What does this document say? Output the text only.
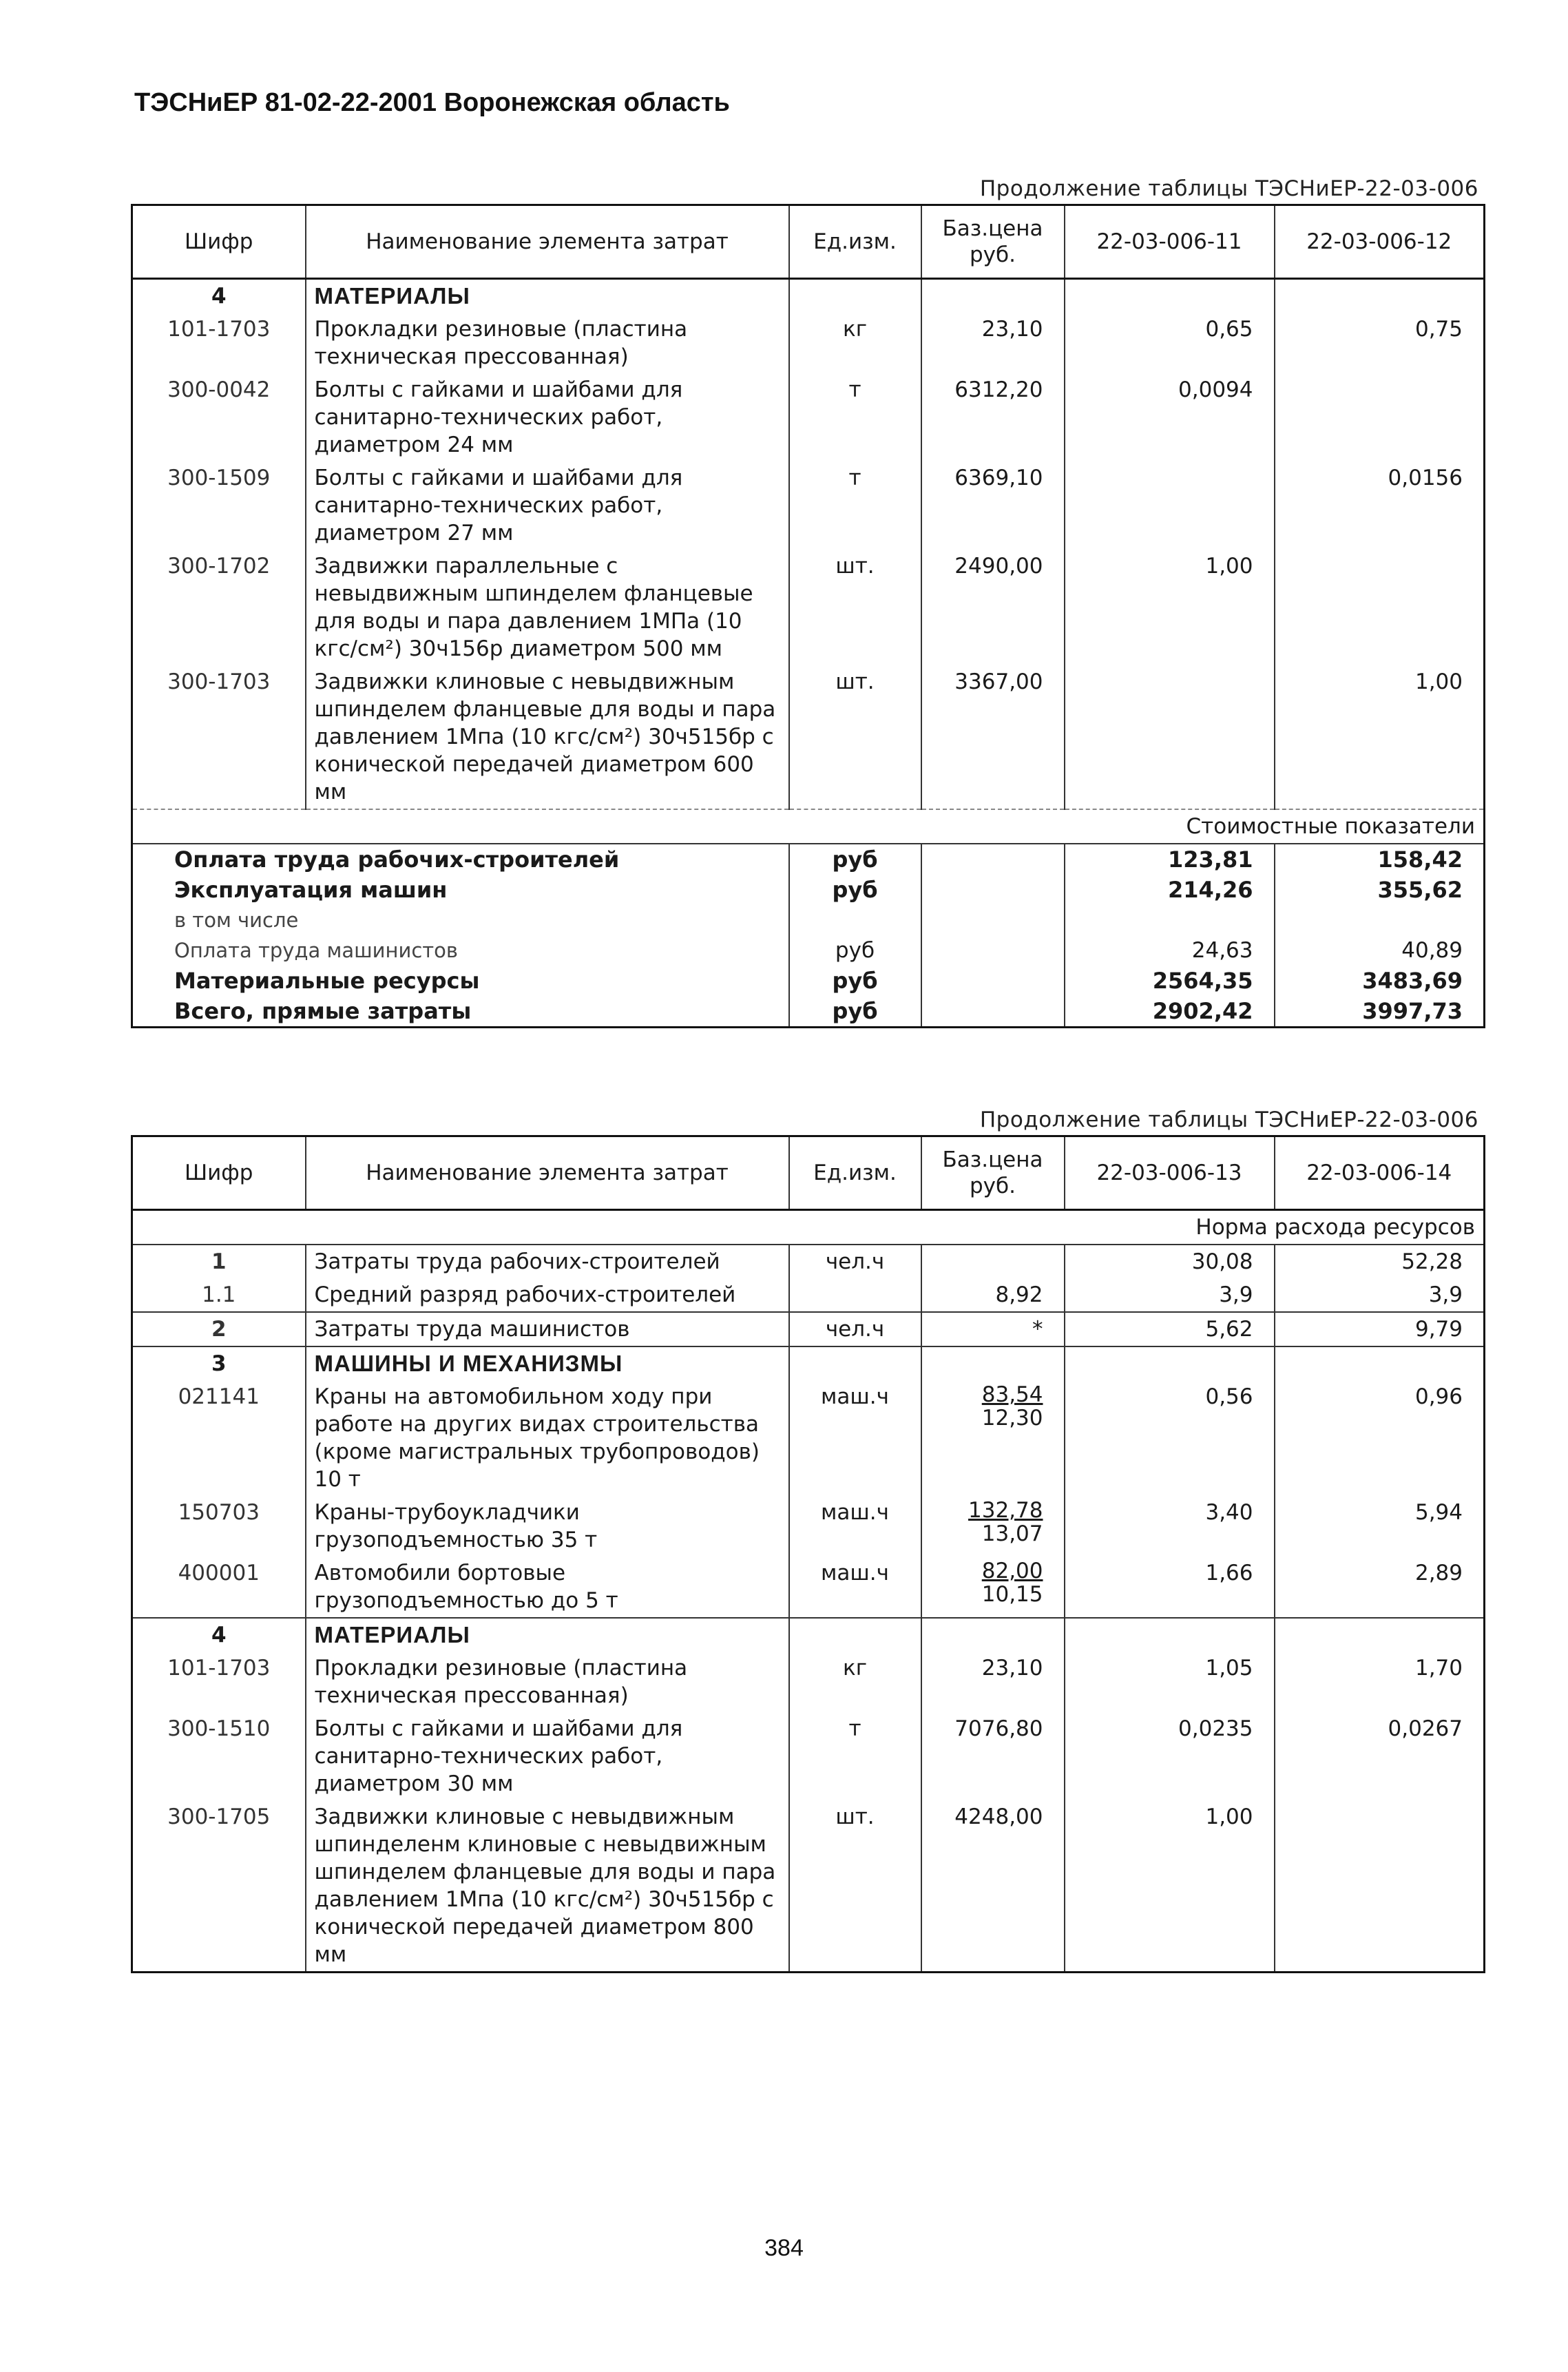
ТЭСНиЕР 81-02-22-2001 Воронежская область
Продолжение таблицы ТЭСНиЕР-22-03-006
Шифр	Наименование элемента затрат	Ед.изм.	Баз.цена руб.	22-03-006-11	22-03-006-12
4	МАТЕРИАЛЫ				
101-1703	Прокладки резиновые (пластина техническая прессованная)	кг	23,10	0,65	0,75
300-0042	Болты с гайками и шайбами для санитарно-технических работ, диаметром 24 мм	т	6312,20	0,0094	
300-1509	Болты с гайками и шайбами для санитарно-технических работ, диаметром 27 мм	т	6369,10		0,0156
300-1702	Задвижки параллельные с невыдвижным шпинделем фланцевые для воды и пара давлением 1МПа (10 кгс/см²) 30ч156р диаметром 500 мм	шт.	2490,00	1,00	
300-1703	Задвижки клиновые с невыдвижным шпинделем фланцевые для воды и пара давлением 1Мпа (10 кгс/см²) 30ч515бр с конической передачей диаметром 600 мм	шт.	3367,00		1,00
Стоимостные показатели					
Оплата труда рабочих-строителей		руб		123,81	158,42
Эксплуатация машин		руб		214,26	355,62
в том числе					
Оплата труда машинистов		руб		24,63	40,89
Материальные ресурсы		руб		2564,35	3483,69
Всего, прямые затраты		руб		2902,42	3997,73
Продолжение таблицы ТЭСНиЕР-22-03-006
Шифр	Наименование элемента затрат	Ед.изм.	Баз.цена руб.	22-03-006-13	22-03-006-14
Норма расхода ресурсов					
1	Затраты труда рабочих-строителей	чел.ч		30,08	52,28
1.1	Средний разряд рабочих-строителей		8,92	3,9	3,9
2	Затраты труда машинистов	чел.ч	*	5,62	9,79
3	МАШИНЫ И МЕХАНИЗМЫ				
021141	Краны на автомобильном ходу при работе на других видах строительства (кроме магистральных трубопроводов) 10 т	маш.ч	$\frac{83,54}{12,30}$	0,56	0,96
150703	Краны-трубоукладчики грузоподъемностью 35 т	маш.ч	$\frac{132,78}{13,07}$	3,40	5,94
400001	Автомобили бортовые грузоподъемностью до 5 т	маш.ч	$\frac{82,00}{10,15}$	1,66	2,89
4	МАТЕРИАЛЫ				
101-1703	Прокладки резиновые (пластина техническая прессованная)	кг	23,10	1,05	1,70
300-1510	Болты с гайками и шайбами для санитарно-технических работ, диаметром 30 мм	т	7076,80	0,0235	0,0267
300-1705	Задвижки клиновые с невыдвижным шпинделенм клиновые с невыдвижным шпинделем фланцевые для воды и пара давлением 1Мпа (10 кгс/см²) 30ч515бр с конической передачей диаметром 800 мм	шт.	4248,00	1,00	
384
